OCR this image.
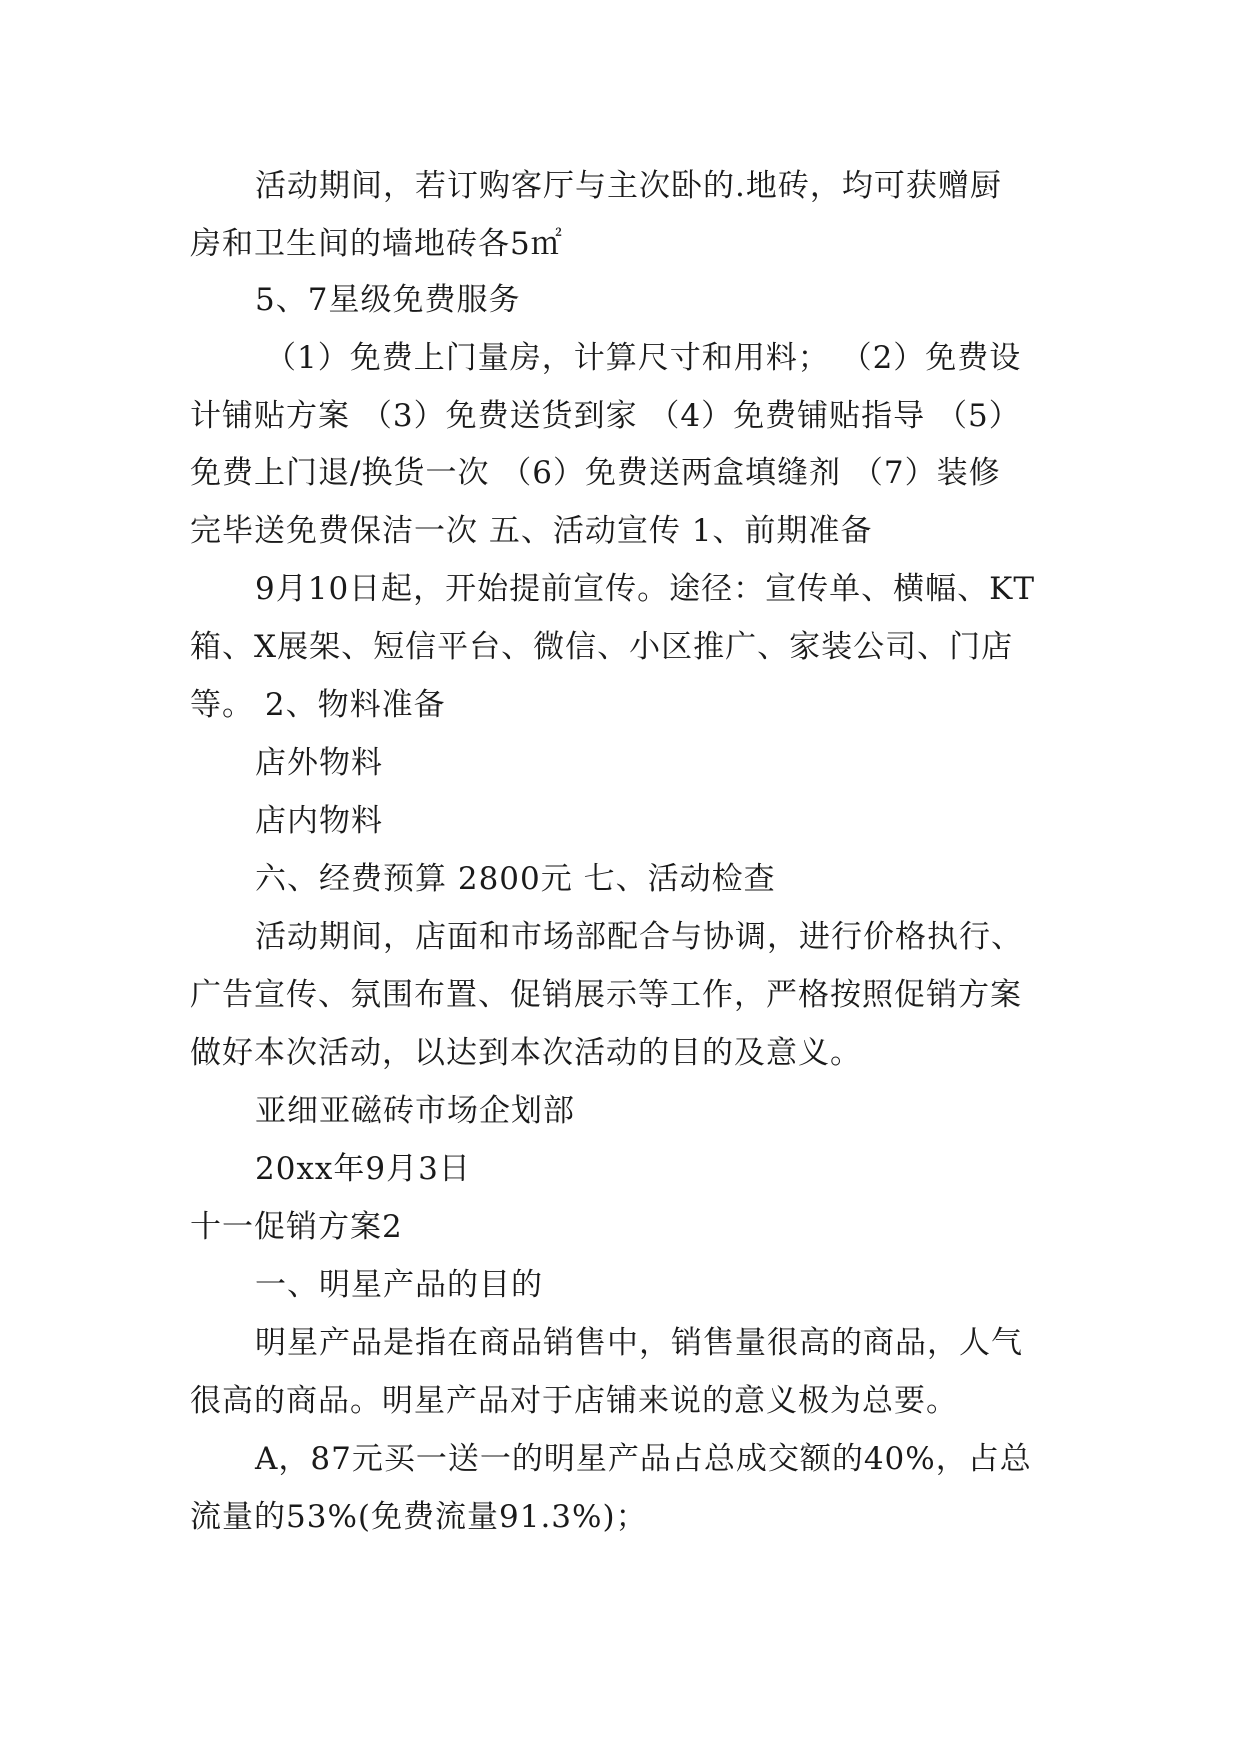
活动期间，若订购客厅与主次卧的.地砖，均可获赠厨
房和卫生间的墙地砖各5㎡
5、7星级免费服务
（1）免费上门量房，计算尺寸和用料； （2）免费设
计铺贴方案 （3）免费送货到家 （4）免费铺贴指导 （5）
免费上门退/换货一次 （6）免费送两盒填缝剂 （7）装修
完毕送免费保洁一次 五、活动宣传 1、前期准备
9月10日起，开始提前宣传。途径：宣传单、横幅、KT
箱、X展架、短信平台、微信、小区推广、家装公司、门店
等。 2、物料准备
店外物料
店内物料
六、经费预算 2800元 七、活动检查
活动期间，店面和市场部配合与协调，进行价格执行、
广告宣传、氛围布置、促销展示等工作，严格按照促销方案
做好本次活动，以达到本次活动的目的及意义。
亚细亚磁砖市场企划部
20xx年9月3日
十一促销方案2
一、明星产品的目的
明星产品是指在商品销售中，销售量很高的商品，人气
很高的商品。明星产品对于店铺来说的意义极为总要。
A，87元买一送一的明星产品占总成交额的40%，占总
流量的53%(免费流量91.3%)；
